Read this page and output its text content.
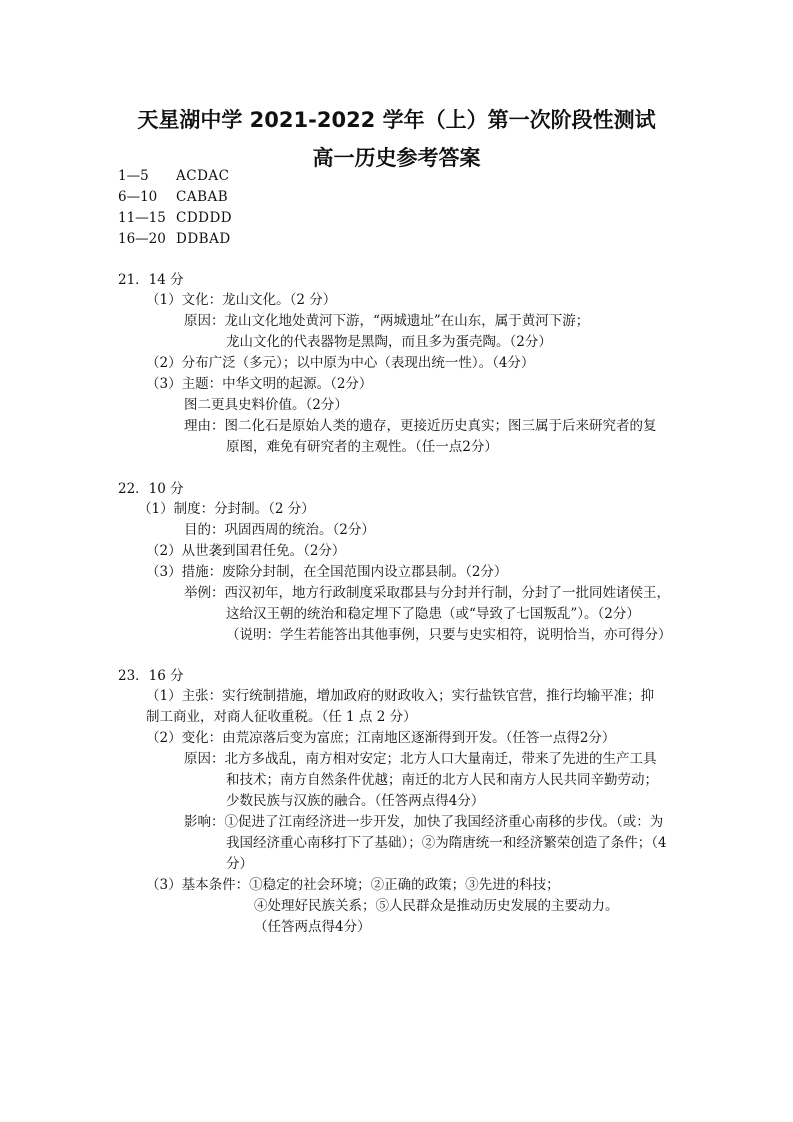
天星湖中学 2021-2022 学年（上）第一次阶段性测试
高一历史参考答案
1—5 ACDAC
6—10 CABAB
11—15 CDDDD
16—20 DDBAD
21．14 分
（1）文化：龙山文化。（2 分）
原因：龙山文化地处黄河下游，“两城遗址”在山东，属于黄河下游；
龙山文化的代表器物是黑陶，而且多为蛋壳陶。（2分）
（2）分布广泛（多元）；以中原为中心（表现出统一性）。（4分）
（3）主题：中华文明的起源。（2分）
图二更具史料价值。（2分）
理由：图二化石是原始人类的遗存，更接近历史真实；图三属于后来研究者的复
原图，难免有研究者的主观性。（任一点2分）
22．10 分
（1）制度：分封制。（2 分）
目的：巩固西周的统治。（2分）
（2）从世袭到国君任免。（2分）
（3）措施：废除分封制，在全国范围内设立郡县制。（2分）
举例：西汉初年，地方行政制度采取郡县与分封并行制，分封了一批同姓诸侯王，
这给汉王朝的统治和稳定埋下了隐患（或“导致了七国叛乱”）。（2分）
（说明：学生若能答出其他事例，只要与史实相符，说明恰当，亦可得分）
23．16 分
（1）主张：实行统制措施，增加政府的财政收入；实行盐铁官营，推行均输平准；抑
制工商业，对商人征收重税。（任 1 点 2 分）
（2）变化：由荒凉落后变为富庶；江南地区逐渐得到开发。（任答一点得2分）
原因：北方多战乱，南方相对安定；北方人口大量南迁，带来了先进的生产工具
和技术；南方自然条件优越；南迁的北方人民和南方人民共同辛勤劳动；
少数民族与汉族的融合。（任答两点得4分）
影响：①促进了江南经济进一步开发，加快了我国经济重心南移的步伐。（或：为
我国经济重心南移打下了基础）；②为隋唐统一和经济繁荣创造了条件；（4
分）
（3）基本条件：①稳定的社会环境；②正确的政策；③先进的科技；
④处理好民族关系；⑤人民群众是推动历史发展的主要动力。
（任答两点得4分）
